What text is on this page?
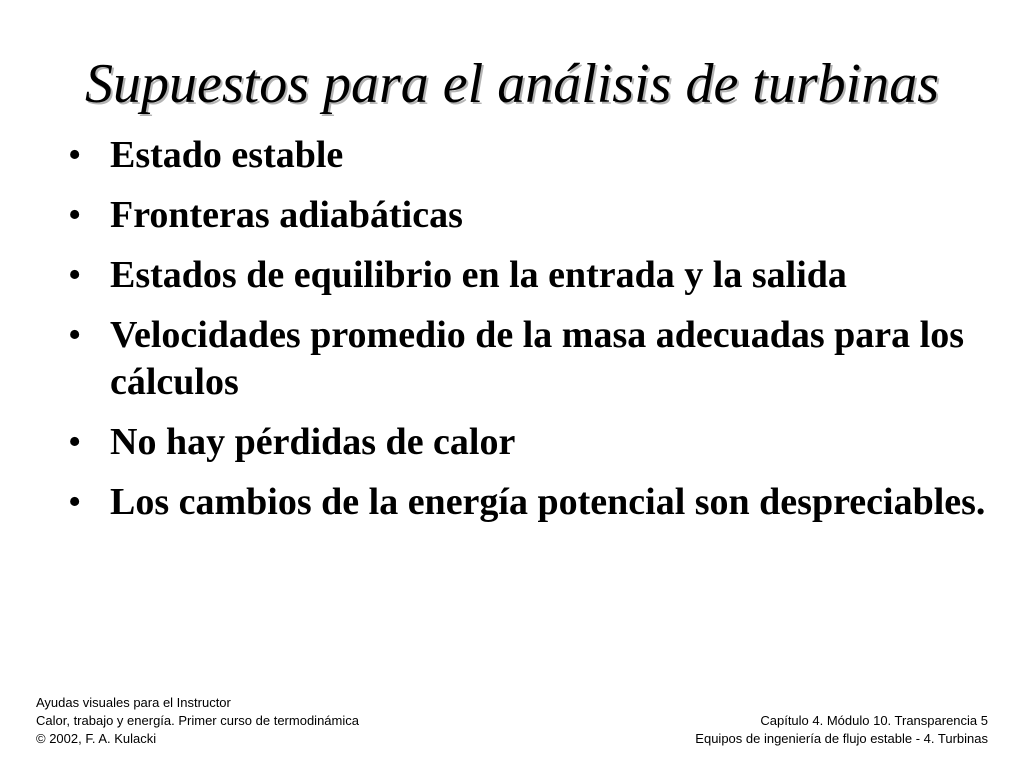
Supuestos para el análisis de turbinas
• Estado estable
• Fronteras adiabáticas
• Estados de equilibrio en la entrada y la salida
• Velocidades promedio de la masa adecuadas para los cálculos
• No hay pérdidas de calor
• Los cambios de la energía potencial son despreciables.
Ayudas visuales para el Instructor
Calor, trabajo y energía. Primer curso de termodinámica
© 2002, F. A. Kulacki
Capítulo 4. Módulo 10. Transparencia 5
Equipos de ingeniería de flujo estable - 4. Turbinas
